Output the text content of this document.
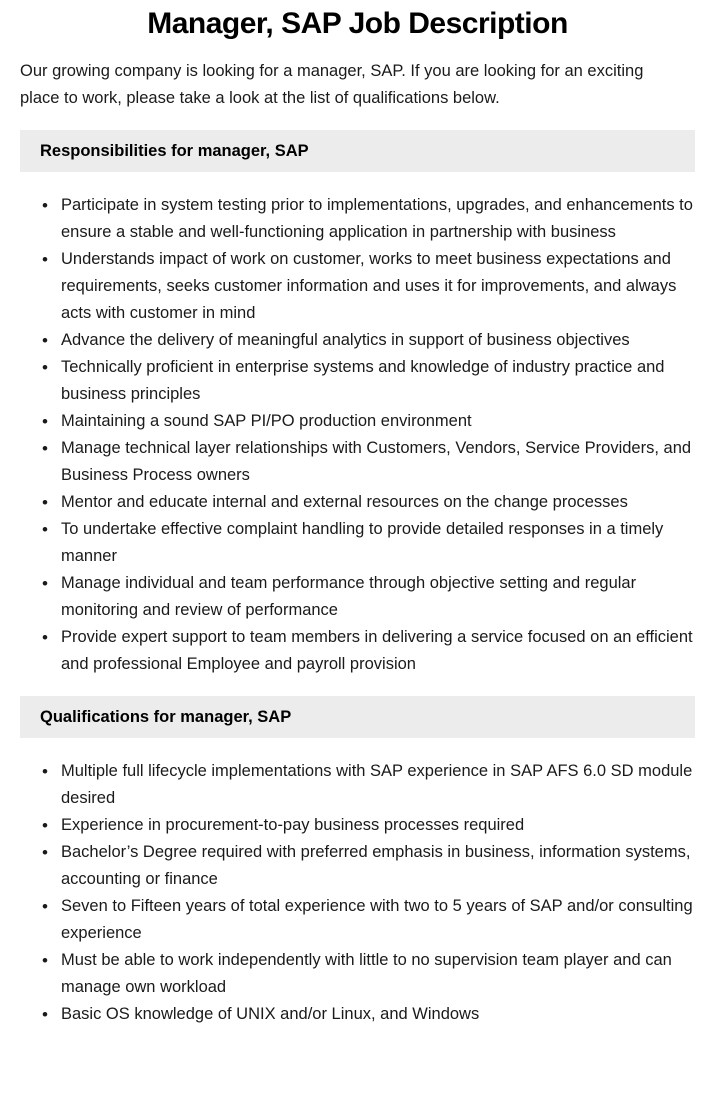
Manager, SAP Job Description

Our growing company is looking for a manager, SAP. If you are looking for an exciting place to work, please take a look at the list of qualifications below.

Responsibilities for manager, SAP
• Participate in system testing prior to implementations, upgrades, and enhancements to ensure a stable and well-functioning application in partnership with business
• Understands impact of work on customer, works to meet business expectations and requirements, seeks customer information and uses it for improvements, and always acts with customer in mind
• Advance the delivery of meaningful analytics in support of business objectives
• Technically proficient in enterprise systems and knowledge of industry practice and business principles
• Maintaining a sound SAP PI/PO production environment
• Manage technical layer relationships with Customers, Vendors, Service Providers, and Business Process owners
• Mentor and educate internal and external resources on the change processes
• To undertake effective complaint handling to provide detailed responses in a timely manner
• Manage individual and team performance through objective setting and regular monitoring and review of performance
• Provide expert support to team members in delivering a service focused on an efficient and professional Employee and payroll provision
Qualifications for manager, SAP
• Multiple full lifecycle implementations with SAP experience in SAP AFS 6.0 SD module desired
• Experience in procurement-to-pay business processes required
• Bachelor’s Degree required with preferred emphasis in business, information systems, accounting or finance
• Seven to Fifteen years of total experience with two to 5 years of SAP and/or consulting experience
• Must be able to work independently with little to no supervision team player and can manage own workload
• Basic OS knowledge of UNIX and/or Linux, and Windows
